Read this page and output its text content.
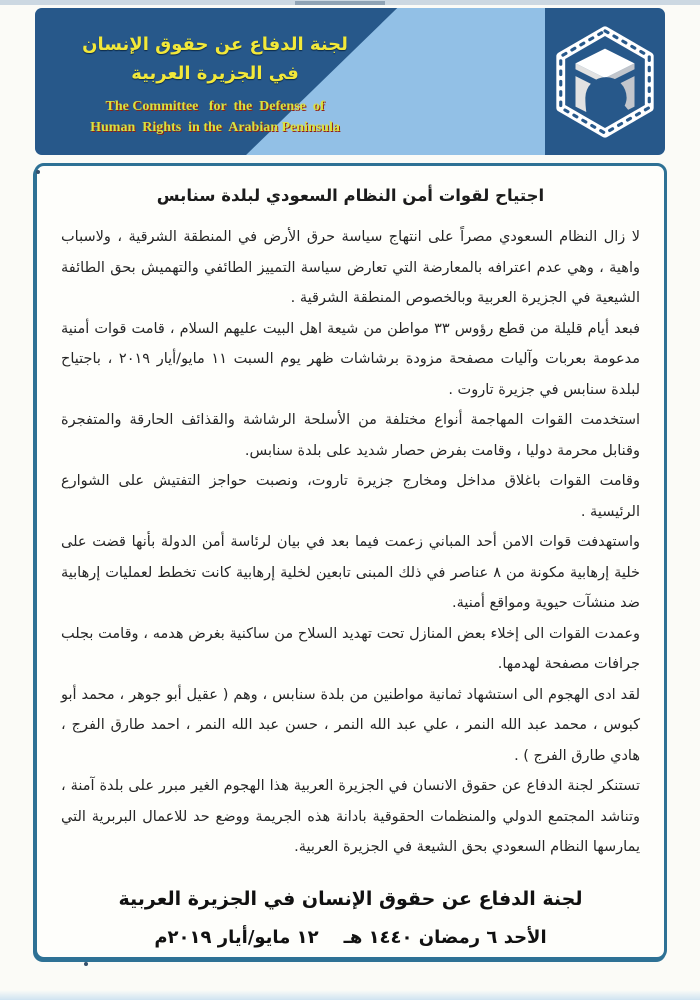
لجنة الدفاع عن حقوق الإنسان
في الجزيرة العربية
The Committee   for  the  Defense  of
Human  Rights  in the  Arabian Peninsula
اجتياح لقوات أمن النظام السعودي لبلدة سنابس

لا زال النظام السعودي مصراً على انتهاج سياسة حرق الأرض في المنطقة الشرقية ، ولاسباب واهية ، وهي عدم اعترافه بالمعارضة التي تعارض سياسة التمييز الطائفي والتهميش بحق الطائفة الشيعية في الجزيرة العربية وبالخصوص المنطقة الشرقية .

فبعد أيام قليلة من قطع رؤوس ٣٣ مواطن من شيعة اهل البيت عليهم السلام ، قامت قوات أمنية مدعومة بعربات وآليات مصفحة مزودة برشاشات ظهر يوم السبت ١١ مايو/أيار ٢٠١٩ ، باجتياح لبلدة سنابس في جزيرة تاروت .

استخدمت القوات المهاجمة أنواع مختلفة من الأسلحة الرشاشة والقذائف الحارقة والمتفجرة وقنابل محرمة دوليا ، وقامت بفرض حصار شديد على بلدة سنابس.

وقامت القوات باغلاق مداخل ومخارج جزيرة تاروت، ونصبت حواجز التفتيش على الشوارع الرئيسية .

واستهدفت قوات الامن أحد المباني زعمت فيما بعد في بيان لرئاسة أمن الدولة بأنها قضت على خلية إرهابية مكونة من ٨ عناصر في ذلك المبنى تابعين لخلية إرهابية كانت تخطط لعمليات إرهابية ضد منشآت حيوية ومواقع أمنية.

وعمدت القوات الى إخلاء بعض المنازل تحت تهديد السلاح من ساكنية بغرض هدمه ، وقامت بجلب جرافات مصفحة لهدمها.

لقد ادى الهجوم الى استشهاد ثمانية مواطنين من بلدة سنابس ، وهم ( عقيل أبو جوهر ، محمد أبو كبوس ، محمد عبد الله النمر ، علي عبد الله النمر ، حسن عبد الله النمر ، احمد طارق الفرج ، هادي طارق الفرج ) .

تستنكر لجنة الدفاع عن حقوق الانسان في الجزيرة العربية هذا الهجوم الغير مبرر على بلدة آمنة ، وتناشد المجتمع الدولي والمنظمات الحقوقية بادانة هذه الجريمة ووضع حد للاعمال البربرية التي يمارسها النظام السعودي بحق الشيعة في الجزيرة العربية.

لجنة الدفاع عن حقوق الإنسان في الجزيرة العربية
الأحد ٦ رمضان ١٤٤٠ هـ    ١٢ مايو/أيار ٢٠١٩م
